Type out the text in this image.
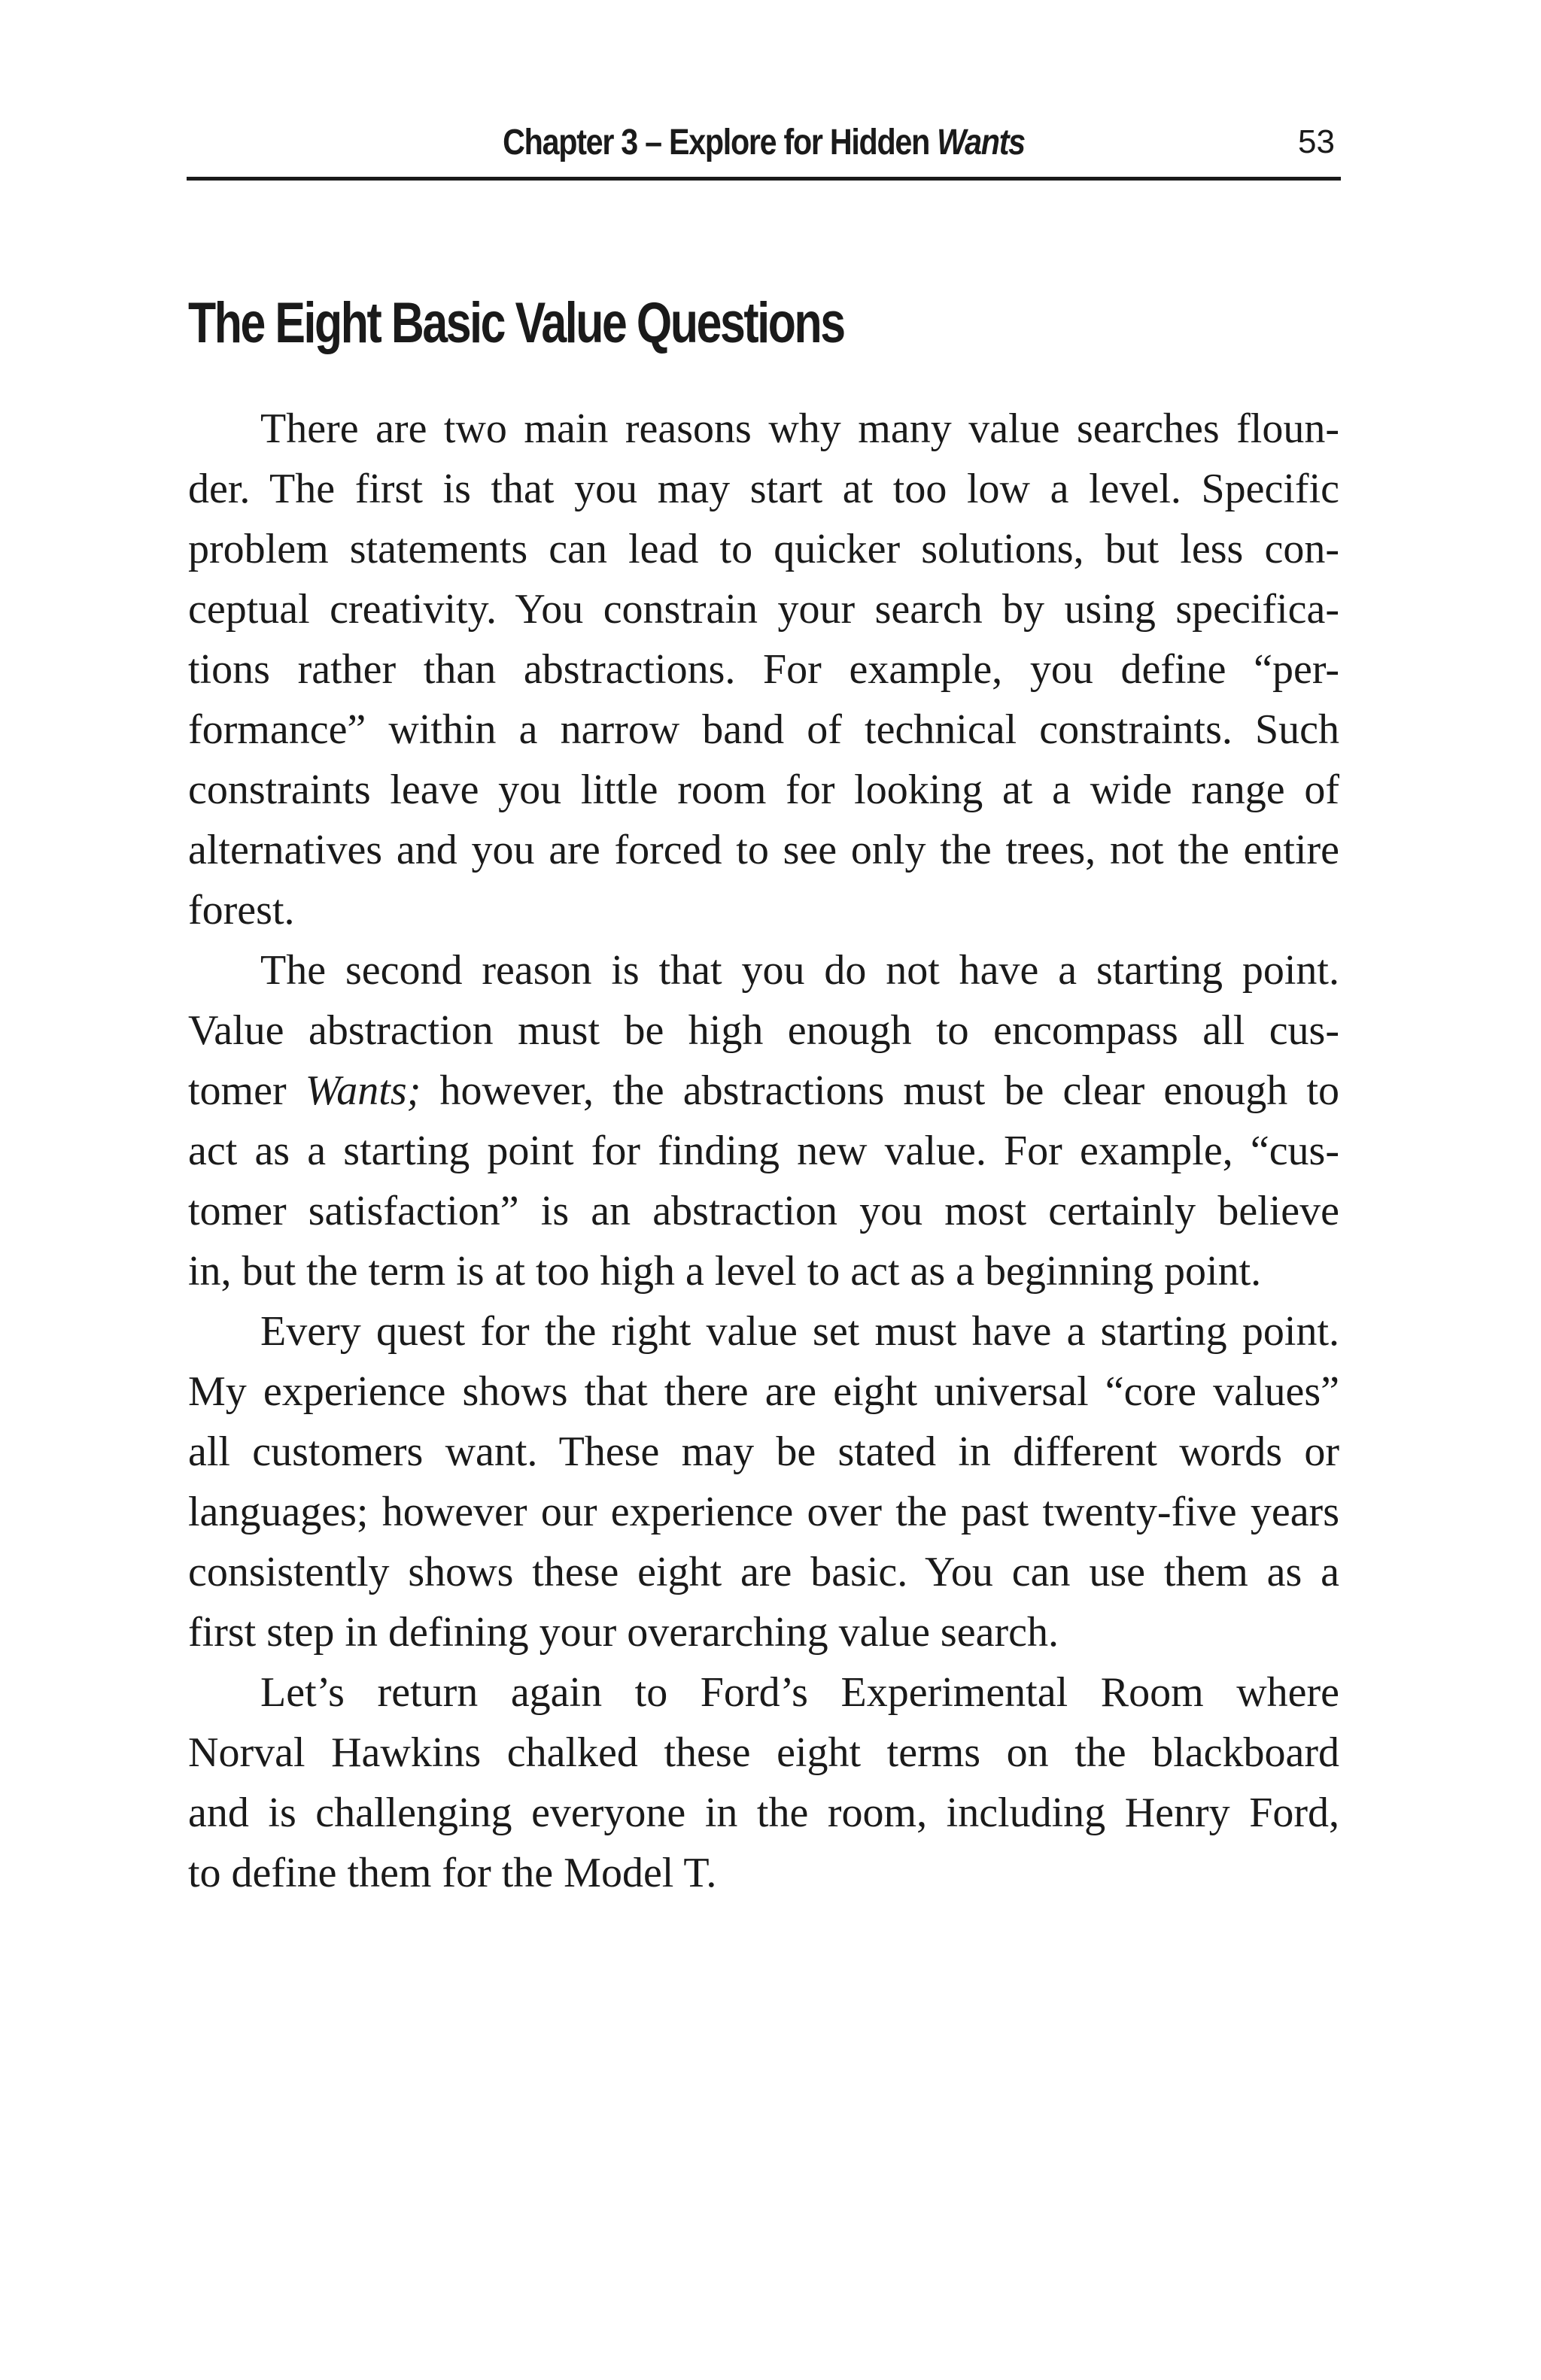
Chapter 3 – Explore for Hidden Wants	53
The Eight Basic Value Questions

There are two main reasons why many value searches floun-
der. The first is that you may start at too low a level. Specific
problem statements can lead to quicker solutions, but less con-
ceptual creativity. You constrain your search by using specifica-
tions rather than abstractions. For example, you define “per-
formance” within a narrow band of technical constraints. Such
constraints leave you little room for looking at a wide range of
alternatives and you are forced to see only the trees, not the entire
forest.

The second reason is that you do not have a starting point.
Value abstraction must be high enough to encompass all cus-
tomer Wants; however, the abstractions must be clear enough to
act as a starting point for finding new value. For example, “cus-
tomer satisfaction” is an abstraction you most certainly believe
in, but the term is at too high a level to act as a beginning point.

Every quest for the right value set must have a starting point.
My experience shows that there are eight universal “core values”
all customers want. These may be stated in different words or
languages; however our experience over the past twenty-five years
consistently shows these eight are basic. You can use them as a
first step in defining your overarching value search.

Let’s return again to Ford’s Experimental Room where
Norval Hawkins chalked these eight terms on the blackboard
and is challenging everyone in the room, including Henry Ford,
to define them for the Model T.
